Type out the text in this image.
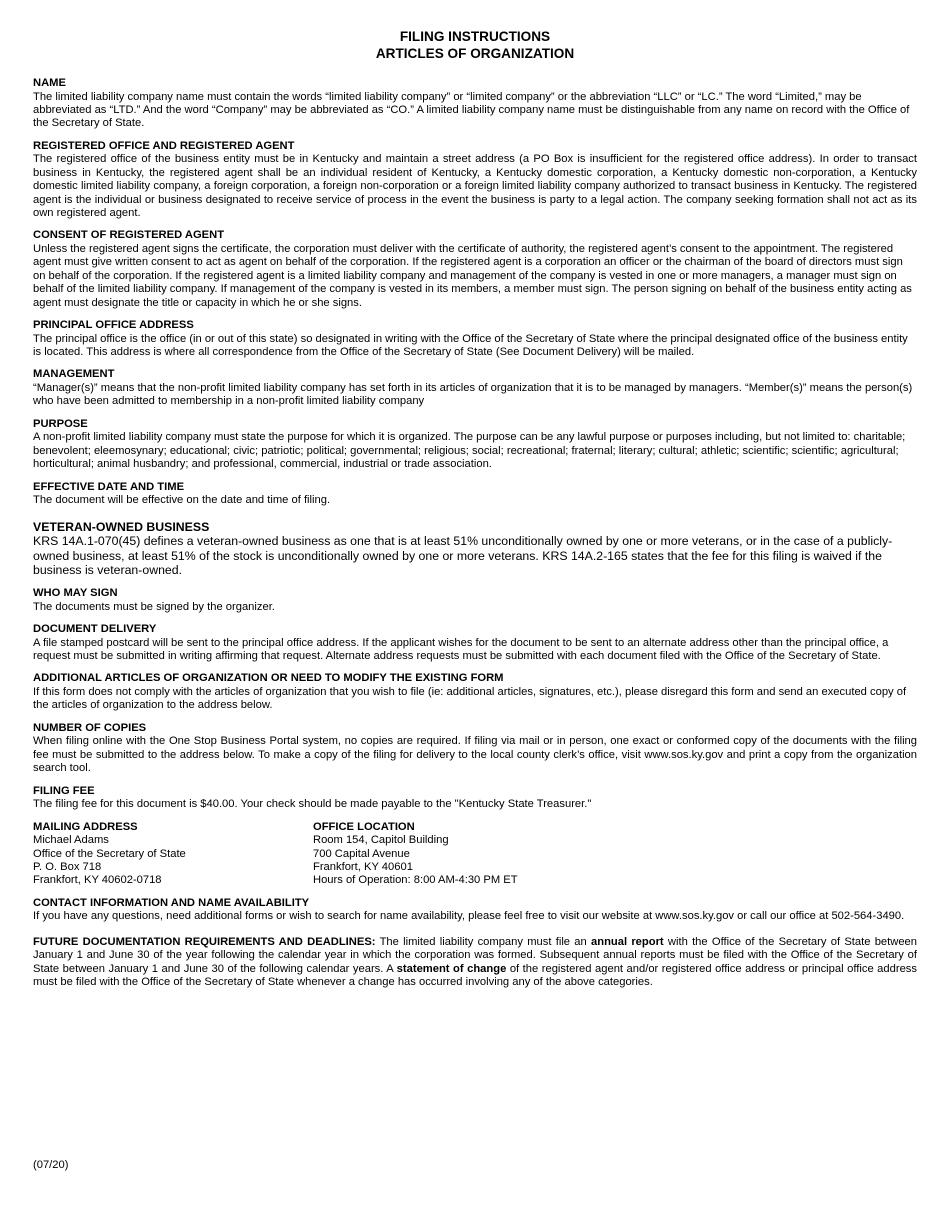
FILING INSTRUCTIONS
ARTICLES OF ORGANIZATION

NAME

The limited liability company name must contain the words “limited liability company” or “limited company” or the abbreviation “LLC” or “LC.” The word “Limited,” may be abbreviated as “LTD.” And the word “Company” may be abbreviated as “CO.” A limited liability company name must be distinguishable from any name on record with the Office of the Secretary of State.

REGISTERED OFFICE AND REGISTERED AGENT

The registered office of the business entity must be in Kentucky and maintain a street address (a PO Box is insufficient for the registered office address). In order to transact business in Kentucky, the registered agent shall be an individual resident of Kentucky, a Kentucky domestic corporation, a Kentucky domestic non-corporation, a Kentucky domestic limited liability company, a foreign corporation, a foreign non-corporation or a foreign limited liability company authorized to transact business in Kentucky. The registered agent is the individual or business designated to receive service of process in the event the business is party to a legal action. The company seeking formation shall not act as its own registered agent.

CONSENT OF REGISTERED AGENT

Unless the registered agent signs the certificate, the corporation must deliver with the certificate of authority, the registered agent’s consent to the appointment. The registered agent must give written consent to act as agent on behalf of the corporation. If the registered agent is a corporation an officer or the chairman of the board of directors must sign on behalf of the corporation. If the registered agent is a limited liability company and management of the company is vested in one or more managers, a manager must sign on behalf of the limited liability company. If management of the company is vested in its members, a member must sign. The person signing on behalf of the business entity acting as agent must designate the title or capacity in which he or she signs.

PRINCIPAL OFFICE ADDRESS

The principal office is the office (in or out of this state) so designated in writing with the Office of the Secretary of State where the principal designated office of the business entity is located. This address is where all correspondence from the Office of the Secretary of State (See Document Delivery) will be mailed.

MANAGEMENT

“Manager(s)” means that the non-profit limited liability company has set forth in its articles of organization that it is to be managed by managers. “Member(s)” means the person(s) who have been admitted to membership in a non-profit limited liability company

PURPOSE

A non-profit limited liability company must state the purpose for which it is organized. The purpose can be any lawful purpose or purposes including, but not limited to: charitable; benevolent; eleemosynary; educational; civic; patriotic; political; governmental; religious; social; recreational; fraternal; literary; cultural; athletic; scientific; scientific; agricultural; horticultural; animal husbandry; and professional, commercial, industrial or trade association.

EFFECTIVE DATE AND TIME

The document will be effective on the date and time of filing.

VETERAN-OWNED BUSINESS

KRS 14A.1-070(45) defines a veteran-owned business as one that is at least 51% unconditionally owned by one or more veterans, or in the case of a publicly-owned business, at least 51% of the stock is unconditionally owned by one or more veterans. KRS 14A.2-165 states that the fee for this filing is waived if the business is veteran-owned.

WHO MAY SIGN

The documents must be signed by the organizer.

DOCUMENT DELIVERY

A file stamped postcard will be sent to the principal office address. If the applicant wishes for the document to be sent to an alternate address other than the principal office, a request must be submitted in writing affirming that request. Alternate address requests must be submitted with each document filed with the Office of the Secretary of State.

ADDITIONAL ARTICLES OF ORGANIZATION OR NEED TO MODIFY THE EXISTING FORM

If this form does not comply with the articles of organization that you wish to file (ie: additional articles, signatures, etc.), please disregard this form and send an executed copy of the articles of organization to the address below.

NUMBER OF COPIES

When filing online with the One Stop Business Portal system, no copies are required. If filing via mail or in person, one exact or conformed copy of the documents with the filing fee must be submitted to the address below. To make a copy of the filing for delivery to the local county clerk’s office, visit www.sos.ky.gov and print a copy from the organization search tool.

FILING FEE

The filing fee for this document is $40.00. Your check should be made payable to the "Kentucky State Treasurer."

MAILING ADDRESS
Michael Adams
Office of the Secretary of State
P. O. Box 718
Frankfort, KY 40602-0718
OFFICE LOCATION
Room 154, Capitol Building
700 Capital Avenue
Frankfort, KY 40601
Hours of Operation: 8:00 AM-4:30 PM ET

CONTACT INFORMATION AND NAME AVAILABILITY

If you have any questions, need additional forms or wish to search for name availability, please feel free to visit our website at www.sos.ky.gov or call our office at 502-564-3490.

FUTURE DOCUMENTATION REQUIREMENTS AND DEADLINES: The limited liability company must file an annual report with the Office of the Secretary of State between January 1 and June 30 of the year following the calendar year in which the corporation was formed. Subsequent annual reports must be filed with the Office of the Secretary of State between January 1 and June 30 of the following calendar years. A statement of change of the registered agent and/or registered office address or principal office address must be filed with the Office of the Secretary of State whenever a change has occurred involving any of the above categories.

(07/20)
